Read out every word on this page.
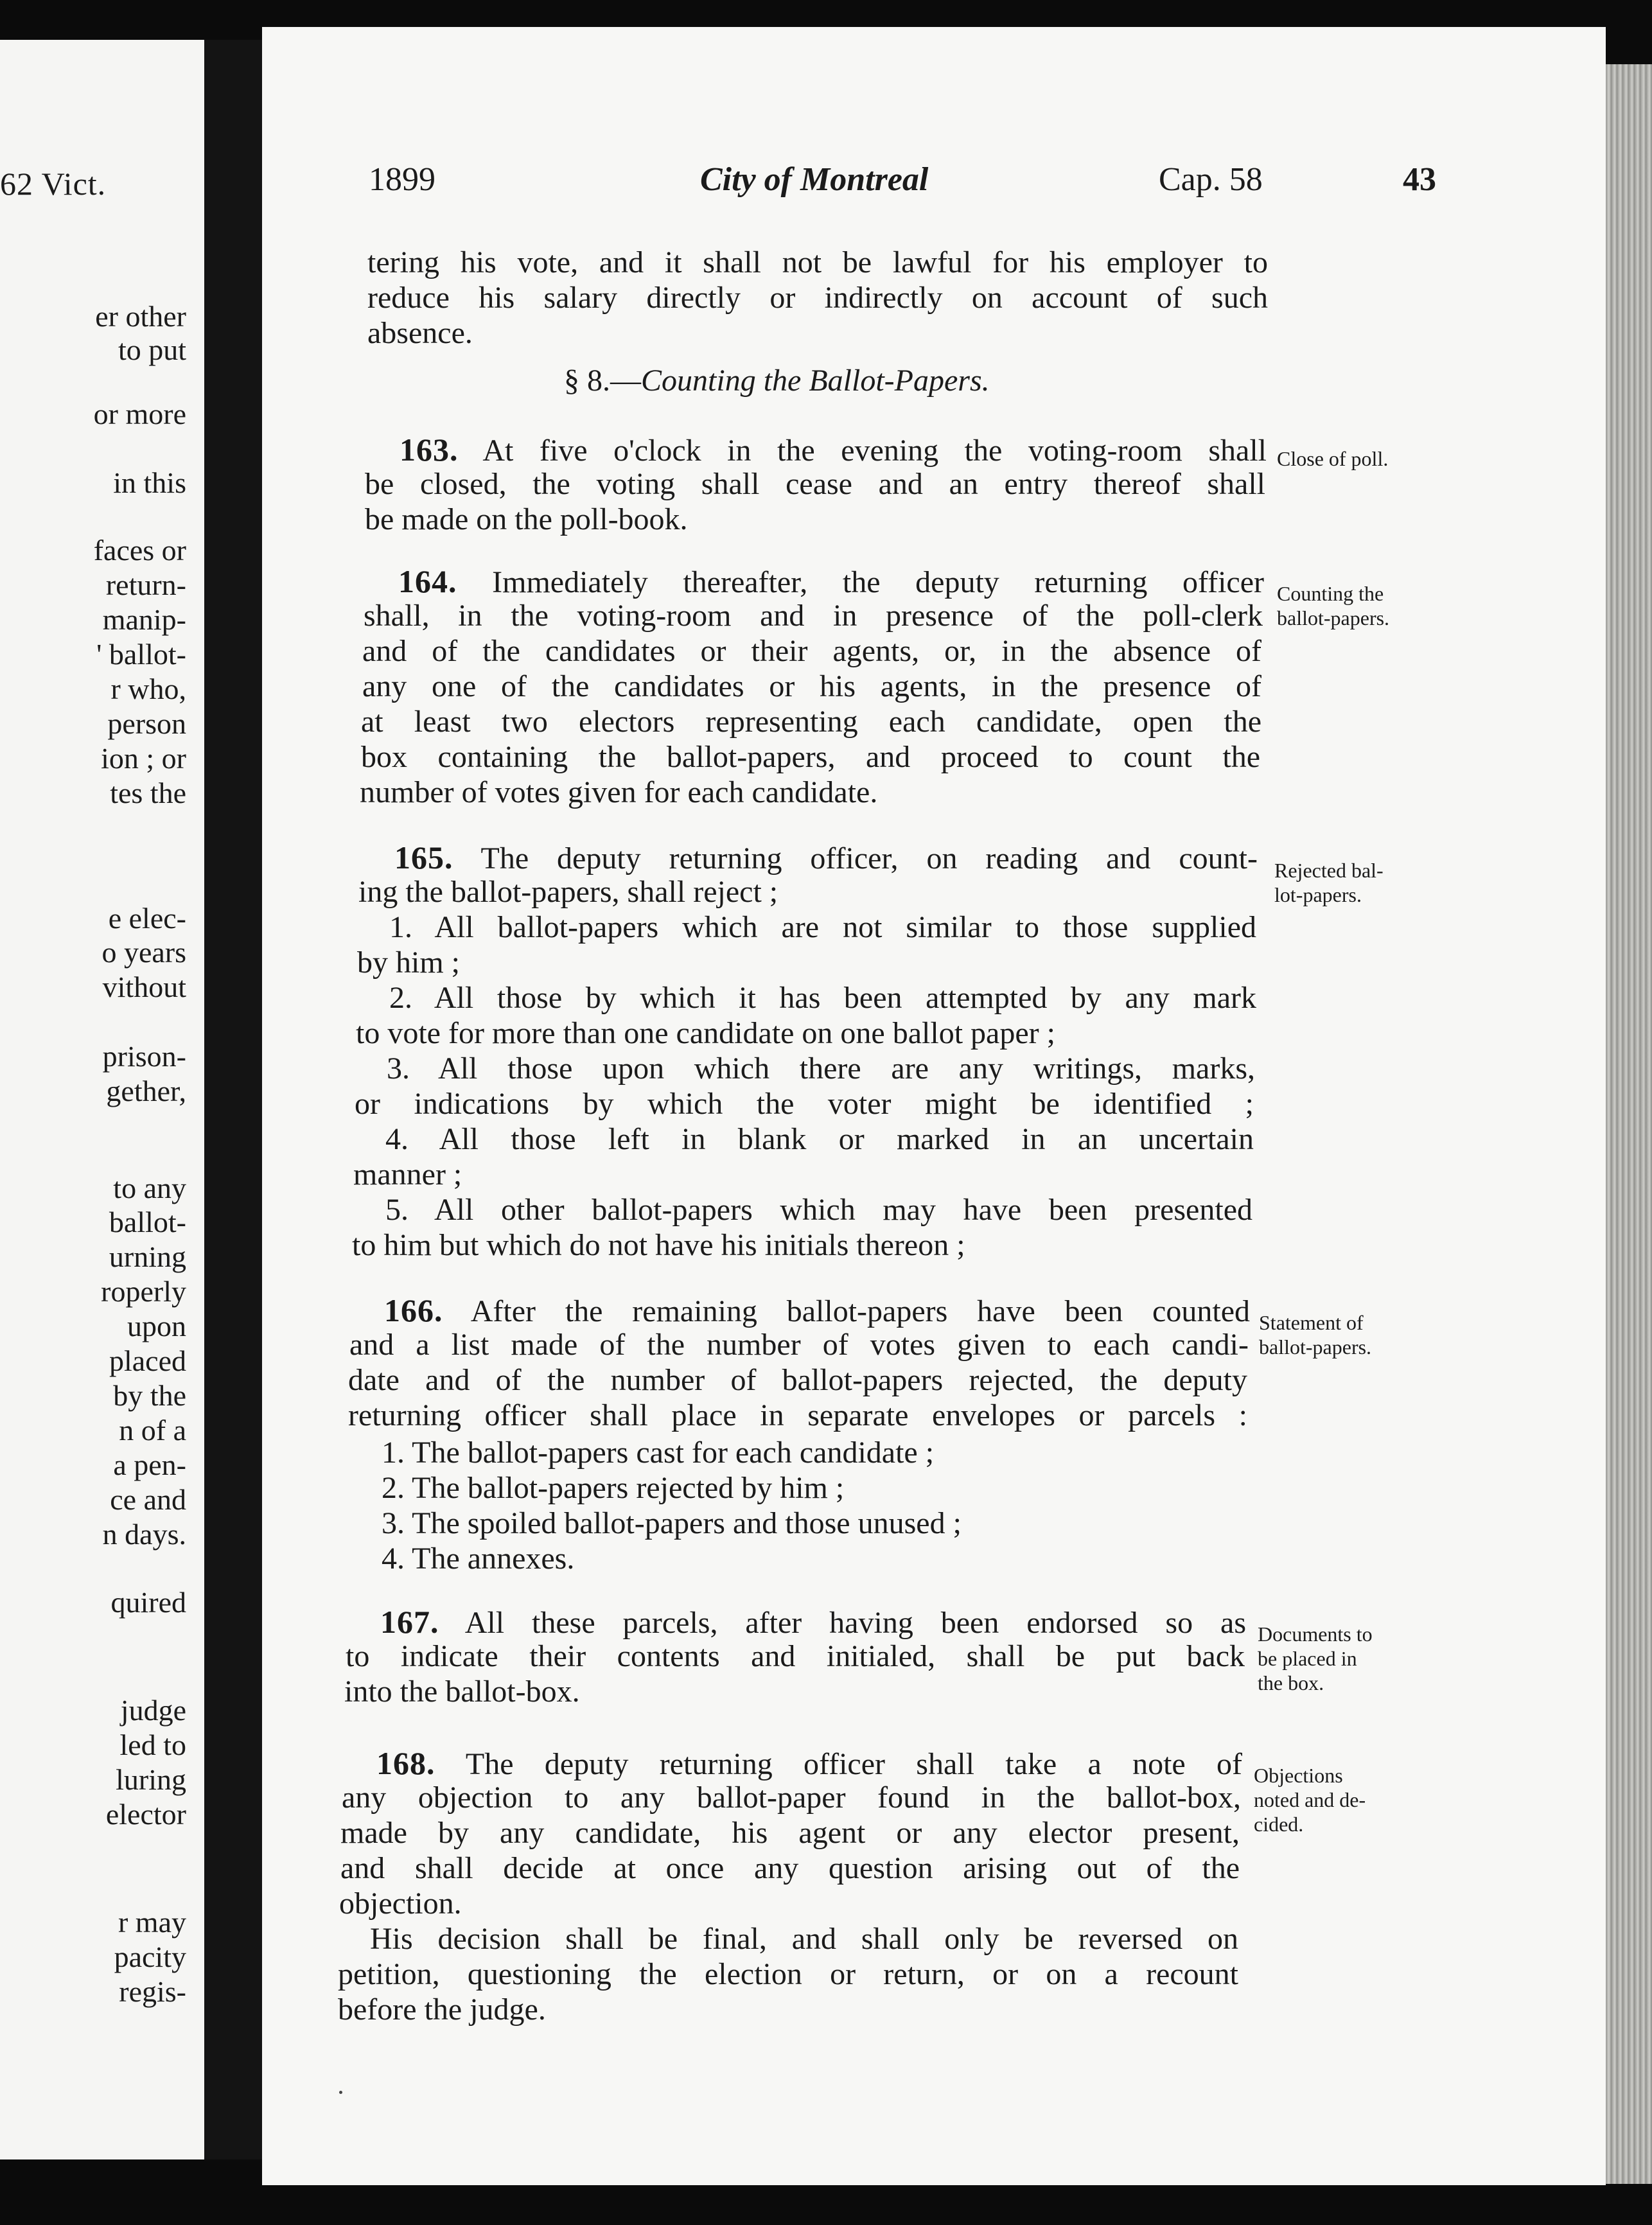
62 Vict.
er other
to put
or more
in this
faces or
return-
manip-
' ballot-
r who,
person
ion ; or
tes the
e elec-
o years
vithout
prison-
gether,
to any
ballot-
urning
roperly
upon
placed
by the
n of a
a pen-
ce and
n days.
quired
judge
led to
luring
elector
r may
pacity
regis-
1899	City of Montreal	Cap. 58	43
tering his vote, and it shall not be lawful for his employer to
reduce his salary directly or indirectly on account of such
absence.
§ 8.—Counting the Ballot-Papers.
163. At five o'clock in the evening the voting-room shall
be closed, the voting shall cease and an entry thereof shall
be made on the poll-book.
Close of poll.
164. Immediately thereafter, the deputy returning officer
shall, in the voting-room and in presence of the poll-clerk
and of the candidates or their agents, or, in the absence of
any one of the candidates or his agents, in the presence of
at least two electors representing each candidate, open the
box containing the ballot-papers, and proceed to count the
number of votes given for each candidate.
Counting the
ballot-papers.
165. The deputy returning officer, on reading and count-
ing the ballot-papers, shall reject ;
1. All ballot-papers which are not similar to those supplied
by him ;
2. All those by which it has been attempted by any mark
to vote for more than one candidate on one ballot paper ;
3. All those upon which there are any writings, marks,
or indications by which the voter might be identified ;
4. All those left in blank or marked in an uncertain
manner ;
5. All other ballot-papers which may have been presented
to him but which do not have his initials thereon ;
Rejected bal-
lot-papers.
166. After the remaining ballot-papers have been counted
and a list made of the number of votes given to each candi-
date and of the number of ballot-papers rejected, the deputy
returning officer shall place in separate envelopes or parcels :
1. The ballot-papers cast for each candidate ;
2. The ballot-papers rejected by him ;
3. The spoiled ballot-papers and those unused ;
4. The annexes.
Statement of
ballot-papers.
167. All these parcels, after having been endorsed so as
to indicate their contents and initialed, shall be put back
into the ballot-box.
Documents to
be placed in
the box.
168. The deputy returning officer shall take a note of
any objection to any ballot-paper found in the ballot-box,
made by any candidate, his agent or any elector present,
and shall decide at once any question arising out of the
objection.
His decision shall be final, and shall only be reversed on
petition, questioning the election or return, or on a recount
before the judge.
Objections
noted and de-
cided.
